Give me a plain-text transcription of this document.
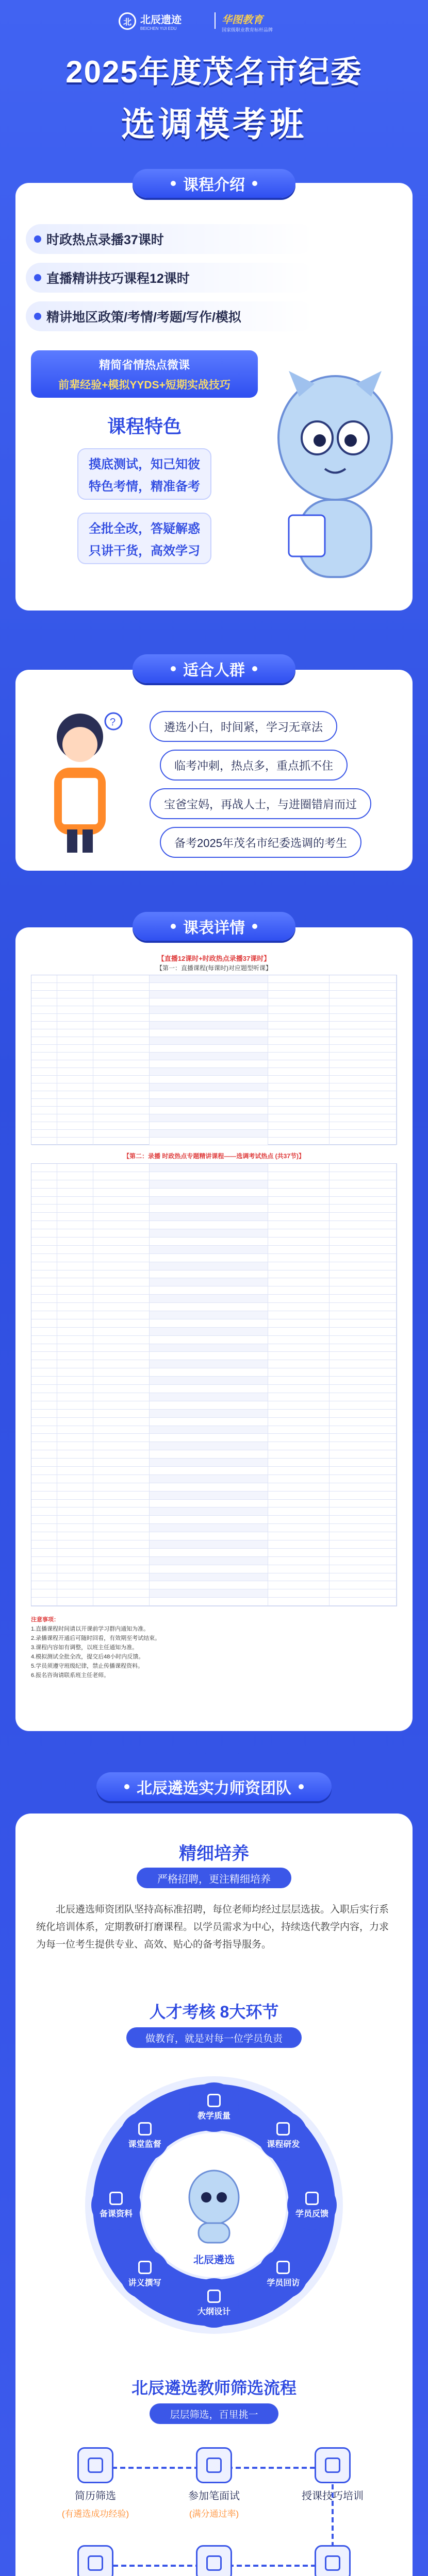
北 北辰遗迹
BEICHEN YIJI EDU
华图教育
国家级职业教育标杆品牌
2025年度茂名市纪委
选调模考班
课程介绍
时政热点录播37课时
直播精讲技巧课程12课时
精讲地区政策/考情/考题/写作/模拟
精简省情热点微课
前辈经验+模拟YYDS+短期实战技巧
课程特色
摸底测试，知己知彼
特色考情，精准备考
全批全改，答疑解惑
只讲干货，高效学习
适合人群
?	遴选小白，时间紧，学习无章法
临考冲刺，热点多，重点抓不住
宝爸宝妈，再战人士，与进圈错肩而过
备考2025年茂名市纪委选调的考生
课表详情
【直播12课时+时政热点录播37课时】
【第一：直播课程(每课时)对应题型听课】
【第二：录播 时政热点专题精讲课程——选调考试热点 (共37节)】
注意事项：
1.直播课程时间请以开课前学习群内通知为准。
2.录播课程开通后可随时回看，有效期至考试结束。
3.课程内容如有调整，以班主任通知为准。
4.模拟测试全批全改，提交后48小时内反馈。
5.学员须遵守班级纪律，禁止传播课程资料。
6.报名咨询请联系班主任老师。
北辰遴选实力师资团队
精细培养
严格招聘，更注精细培养
北辰遴选师资团队坚持高标准招聘，每位老师均经过层层选拔。入职后实行系统化培训体系，定期教研打磨课程。以学员需求为中心，持续迭代教学内容，力求为每一位考生提供专业、高效、贴心的备考指导服务。
人才考核 8大环节
做教育，就是对每一位学员负责
教学质量
课程研发
学员反馈
学员回访
大纲设计
讲义撰写
备课资料
课堂监督
北辰遴选
北辰遴选教师筛选流程
层层筛选，百里挑一
简历筛选
(有遴选成功经验)
参加笔面试
(满分通过率)
授课技巧培训
